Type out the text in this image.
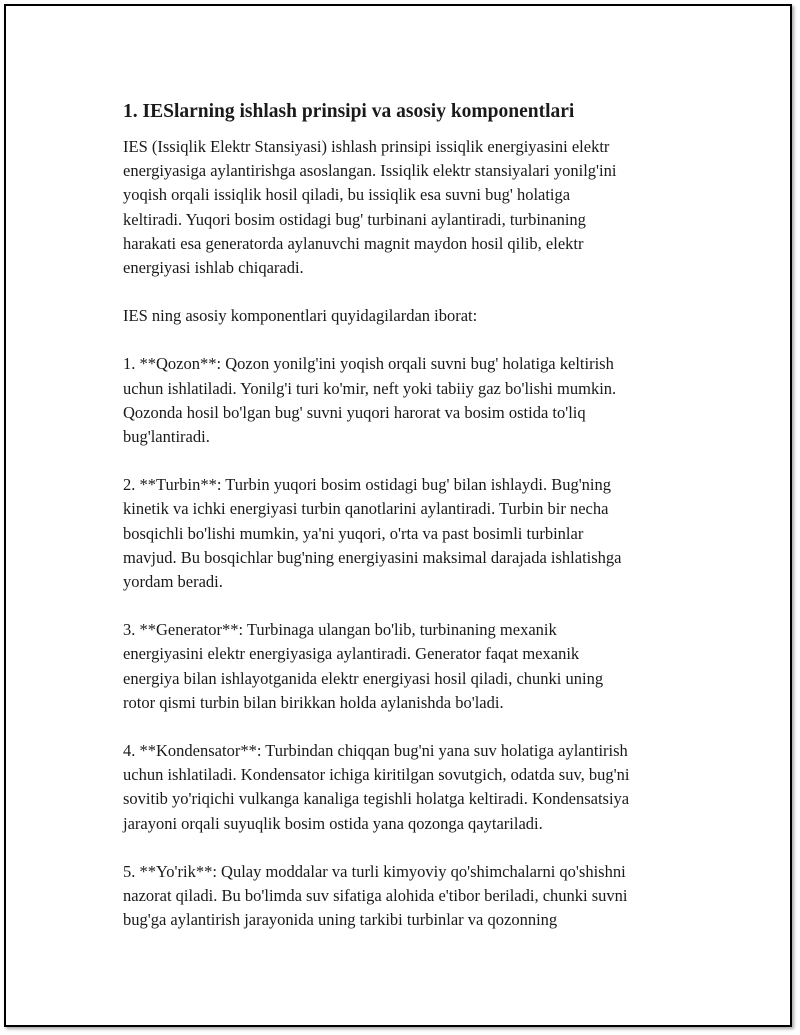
1. IESlarning ishlash prinsipi va asosiy komponentlari

IES (Issiqlik Elektr Stansiyasi) ishlash prinsipi issiqlik energiyasini elektr
energiyasiga aylantirishga asoslangan. Issiqlik elektr stansiyalari yonilg'ini
yoqish orqali issiqlik hosil qiladi, bu issiqlik esa suvni bug' holatiga
keltiradi. Yuqori bosim ostidagi bug' turbinani aylantiradi, turbinaning
harakati esa generatorda aylanuvchi magnit maydon hosil qilib, elektr
energiyasi ishlab chiqaradi.

IES ning asosiy komponentlari quyidagilardan iborat:

1. **Qozon**: Qozon yonilg'ini yoqish orqali suvni bug' holatiga keltirish
uchun ishlatiladi. Yonilg'i turi ko'mir, neft yoki tabiiy gaz bo'lishi mumkin.
Qozonda hosil bo'lgan bug' suvni yuqori harorat va bosim ostida to'liq
bug'lantiradi.

2. **Turbin**: Turbin yuqori bosim ostidagi bug' bilan ishlaydi. Bug'ning
kinetik va ichki energiyasi turbin qanotlarini aylantiradi. Turbin bir necha
bosqichli bo'lishi mumkin, ya'ni yuqori, o'rta va past bosimli turbinlar
mavjud. Bu bosqichlar bug'ning energiyasini maksimal darajada ishlatishga
yordam beradi.

3. **Generator**: Turbinaga ulangan bo'lib, turbinaning mexanik
energiyasini elektr energiyasiga aylantiradi. Generator faqat mexanik
energiya bilan ishlayotganida elektr energiyasi hosil qiladi, chunki uning
rotor qismi turbin bilan birikkan holda aylanishda bo'ladi.

4. **Kondensator**: Turbindan chiqqan bug'ni yana suv holatiga aylantirish
uchun ishlatiladi. Kondensator ichiga kiritilgan sovutgich, odatda suv, bug'ni
sovitib yo'riqichi vulkanga kanaliga tegishli holatga keltiradi. Kondensatsiya
jarayoni orqali suyuqlik bosim ostida yana qozonga qaytariladi.

5. **Yo'rik**: Qulay moddalar va turli kimyoviy qo'shimchalarni qo'shishni
nazorat qiladi. Bu bo'limda suv sifatiga alohida e'tibor beriladi, chunki suvni
bug'ga aylantirish jarayonida uning tarkibi turbinlar va qozonning
